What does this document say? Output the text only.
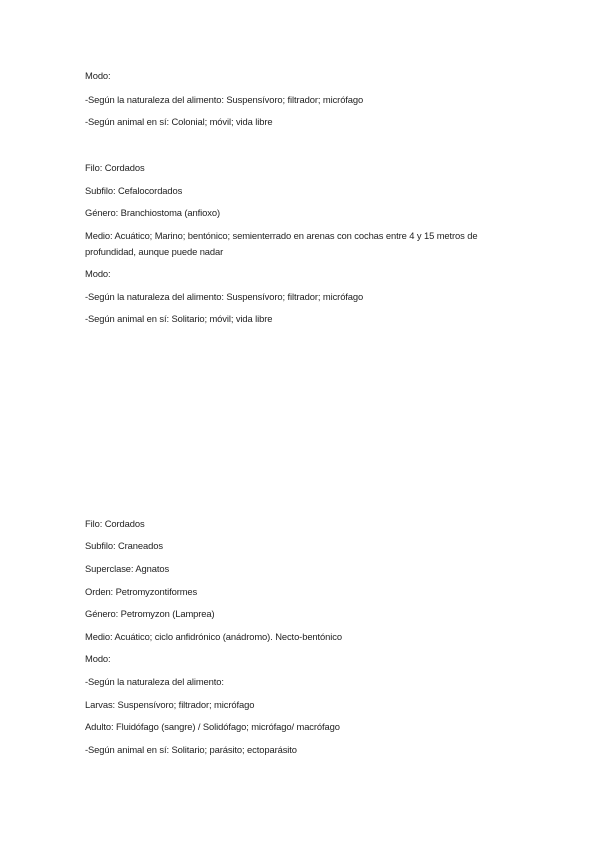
Modo:
-Según la naturaleza del alimento: Suspensívoro; filtrador; micrófago
-Según animal en sí: Colonial; móvil; vida libre
Filo: Cordados
Subfilo: Cefalocordados
Género: Branchiostoma (anfioxo)
Medio: Acuático; Marino; bentónico; semienterrado en arenas con cochas entre 4 y 15 metros de profundidad, aunque puede nadar
Modo:
-Según la naturaleza del alimento: Suspensívoro; filtrador; micrófago
-Según animal en sí: Solitario; móvil; vida libre
Filo: Cordados
Subfilo: Craneados
Superclase: Agnatos
Orden: Petromyzontiformes
Género: Petromyzon (Lamprea)
Medio: Acuático; ciclo anfidrónico (anádromo). Necto-bentónico
Modo:
-Según la naturaleza del alimento:
Larvas: Suspensívoro; filtrador; micrófago
Adulto: Fluidófago (sangre) / Solidófago; micrófago/ macrófago
-Según animal en sí: Solitario; parásito; ectoparásito
